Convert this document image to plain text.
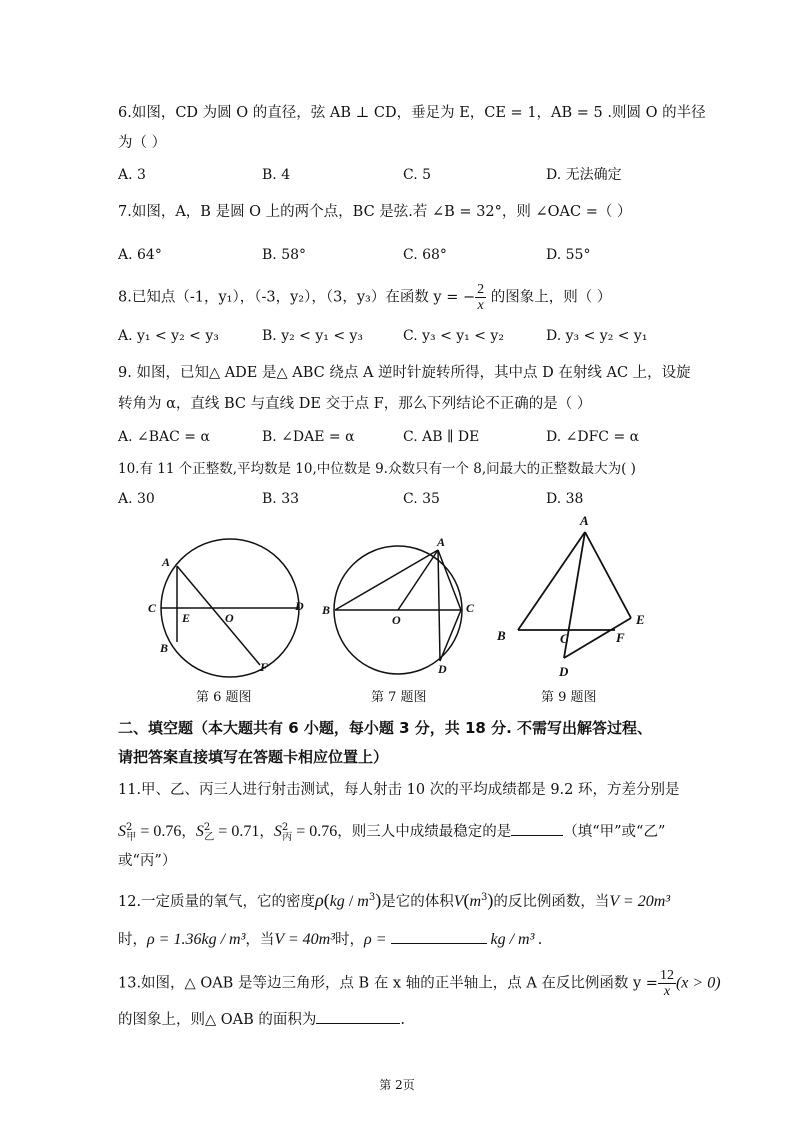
6.如图，CD 为圆 O 的直径，弦 AB ⊥ CD，垂足为 E，CE = 1，AB = 5 .则圆 O 的半径
为（ ）
A. 3	B. 4	C. 5	D. 无法确定
7.如图，A，B 是圆 O 上的两个点，BC 是弦.若 ∠B = 32°，则 ∠OAC =（ ）
A. 64°	B. 58°	C. 68°	D. 55°
8.已知点（-1，y₁），（-3，y₂），（3，y₃）在函数 y = − $\frac{2}{x}$ 的图象上，则（ ）
A. y₁ < y₂ < y₃	B. y₂ < y₁ < y₃	C. y₃ < y₁ < y₂	D. y₃ < y₂ < y₁
9. 如图，已知△ ADE 是△ ABC 绕点 A 逆时针旋转所得，其中点 D 在射线 AC 上，设旋
转角为 α，直线 BC 与直线 DE 交于点 F，那么下列结论不正确的是（ ）
A. ∠BAC = α	B. ∠DAE = α	C. AB ∥ DE	D. ∠DFC = α
10.有 11 个正整数,平均数是 10,中位数是 9.众数只有一个 8,问最大的正整数最大为( )
A. 30	B. 33	C. 35	D. 38
A
B
C	D
E	O
F
第 6 题图
A
B	C
D
O
第 7 题图
A
B	C
D
E
F
第 9 题图
二、填空题（本大题共有 6 小题，每小题 3 分，共 18 分. 不需写出解答过程、
请把答案直接填写在答题卡相应位置上）
11.甲、乙、丙三人进行射击测试，每人射击 10 次的平均成绩都是 9.2 环，方差分别是
$S^2_甲 = 0.76$，$S^2_乙 = 0.71$，$S^2_丙 = 0.76$，则三人中成绩最稳定的是	（填“甲”或“乙”
或“丙”）
12.一定质量的氧气，它的密度$\rho(kg / m^3)$是它的体积$V(m^3)$的反比例函数，当V = 20m³
时，ρ = 1.36kg / m³，当V = 40m³时，ρ =	kg / m³ .
13.如图，△ OAB 是等边三角形，点 B 在 x 轴的正半轴上，点 A 在反比例函数 $y = \frac{12}{x} (x > 0)$
的图象上，则△ OAB 的面积为	.
第 2页
